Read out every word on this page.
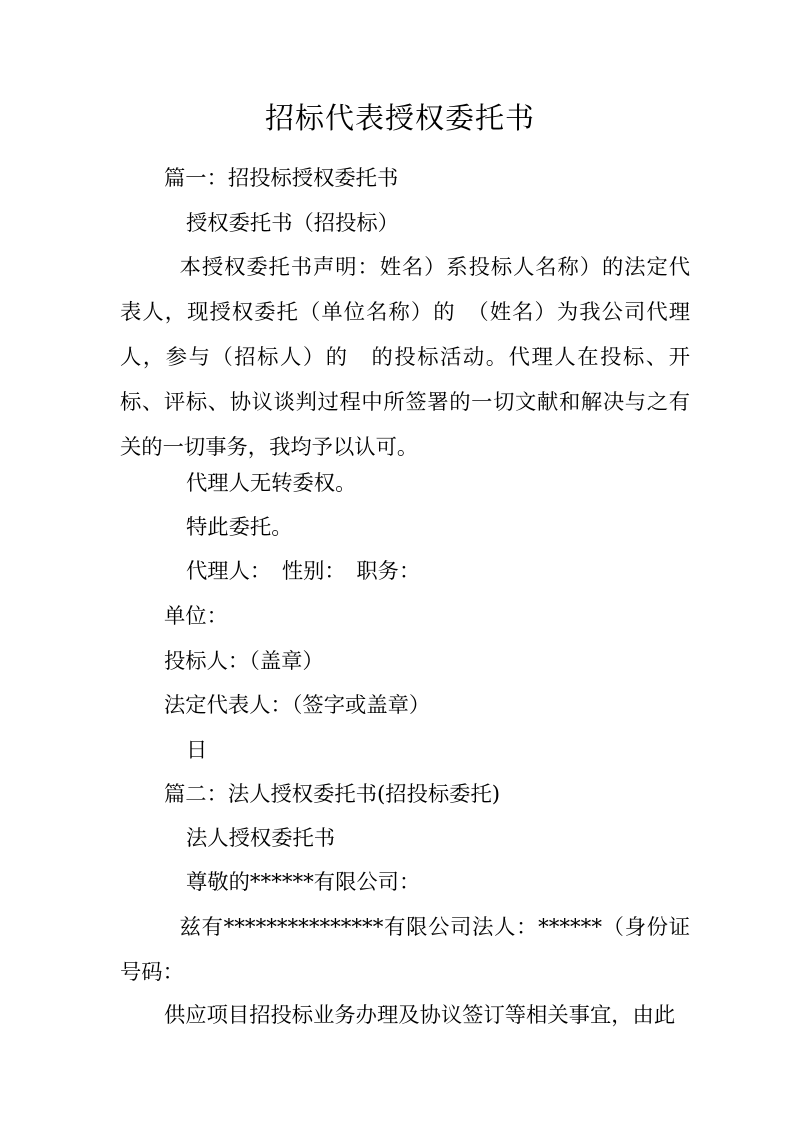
招标代表授权委托书
篇一：招投标授权委托书
授权委托书（招投标）
本授权委托书声明：姓名）系投标人名称）的法定代表人，现授权委托（单位名称）的　（姓名）为我公司代理人，参与（招标人）的　的投标活动。代理人在投标、开标、评标、协议谈判过程中所签署的一切文献和解决与之有关的一切事务，我均予以认可。
代理人无转委权。
特此委托。
代理人：　性别：　职务：
单位：
投标人：（盖章）
法定代表人：（签字或盖章）
日
篇二：法人授权委托书(招投标委托)
法人授权委托书
尊敬的******有限公司：
兹有***************有限公司法人：******（身份证号码：
供应项目招投标业务办理及协议签订等相关事宜，由此
